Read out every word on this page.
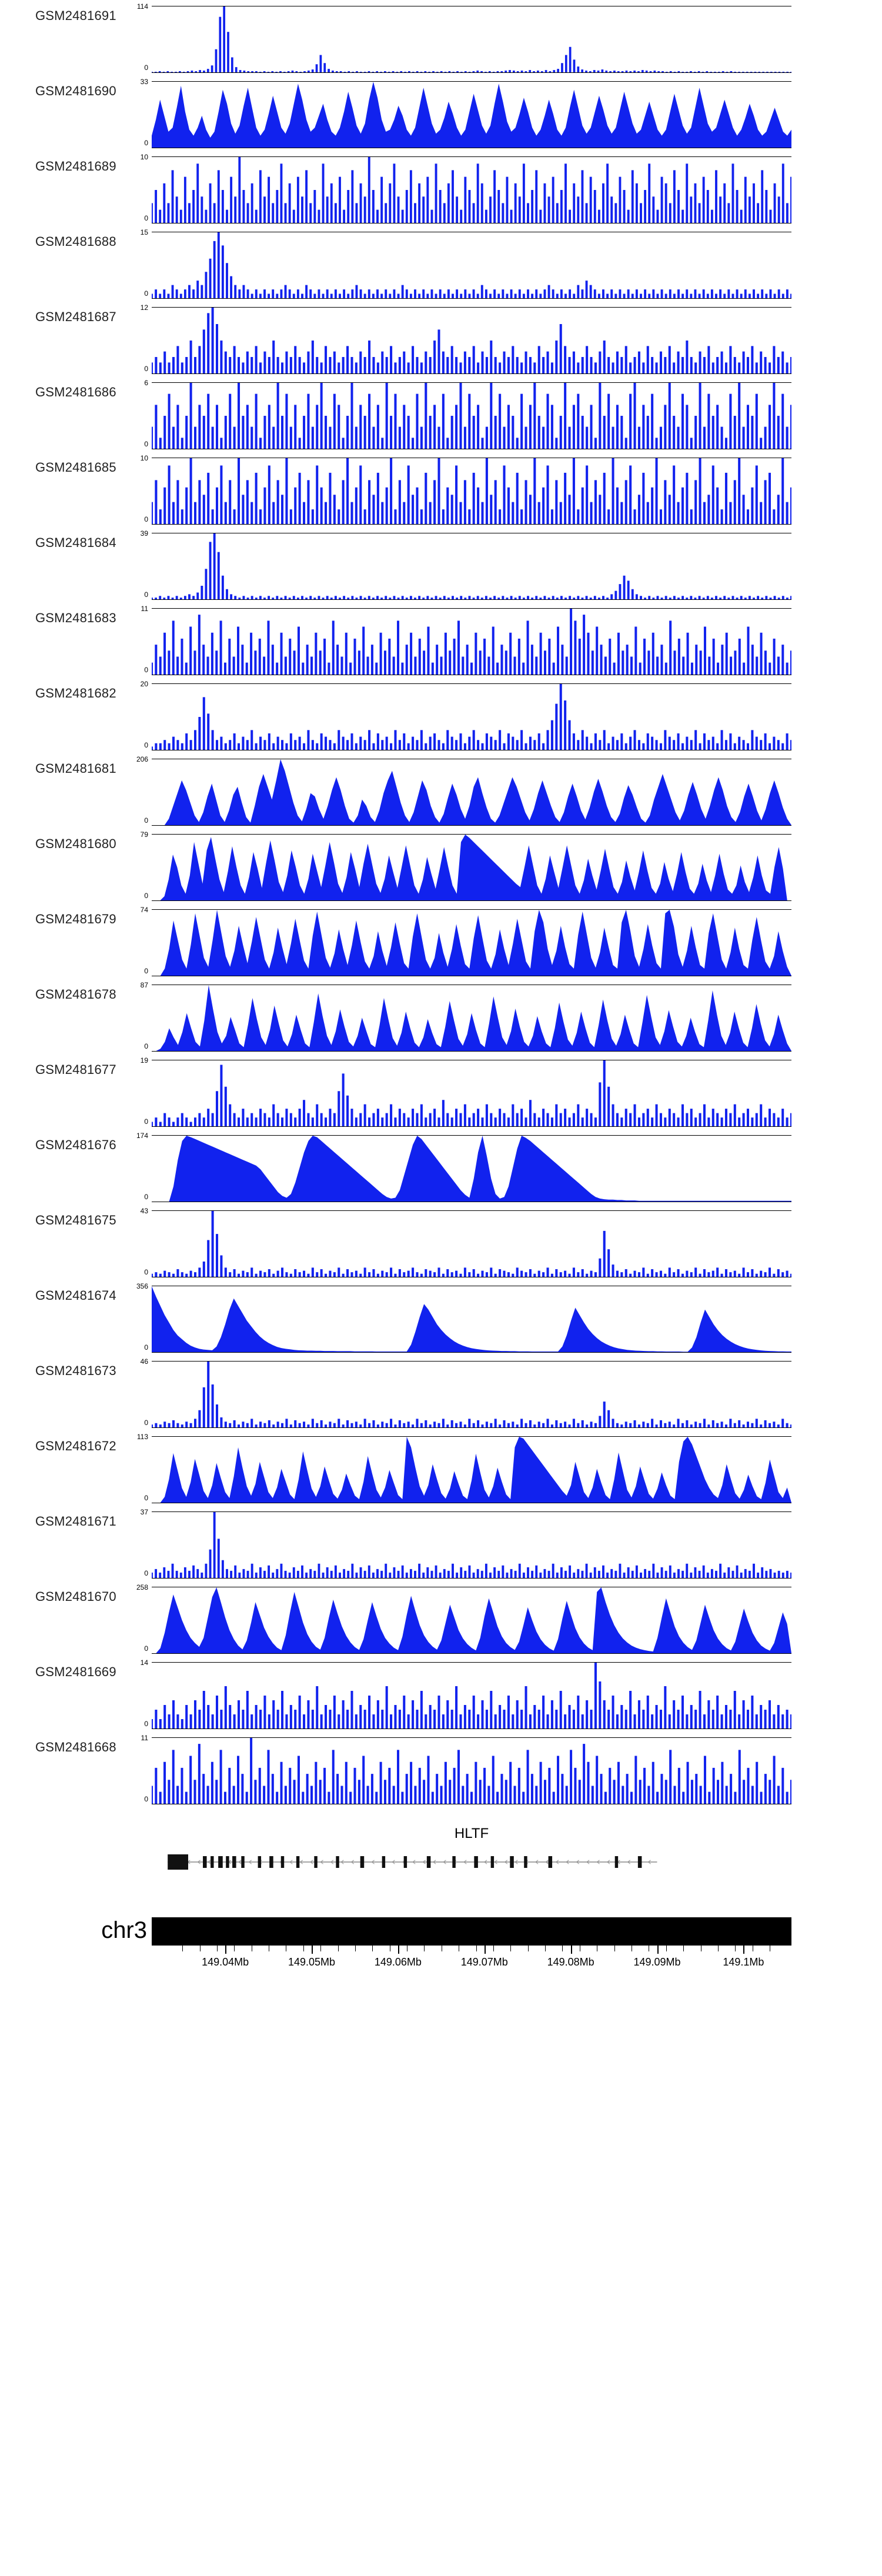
GSM2481691
114
0
GSM2481690
33
0
GSM2481689
10
0
GSM2481688
15
0
GSM2481687
12
0
GSM2481686
6
0
GSM2481685
10
0
GSM2481684
39
0
GSM2481683
11
0
GSM2481682
20
0
GSM2481681
206
0
GSM2481680
79
0
GSM2481679
74
0
GSM2481678
87
0
GSM2481677
19
0
GSM2481676
174
0
GSM2481675
43
0
GSM2481674
356
0
GSM2481673
46
0
GSM2481672
113
0
GSM2481671
37
0
GSM2481670
258
0
GSM2481669
14
0
GSM2481668
11
0
HLTF
chr3
149.04Mb	149.05Mb	149.06Mb	149.07Mb	149.08Mb	149.09Mb	149.1Mb
